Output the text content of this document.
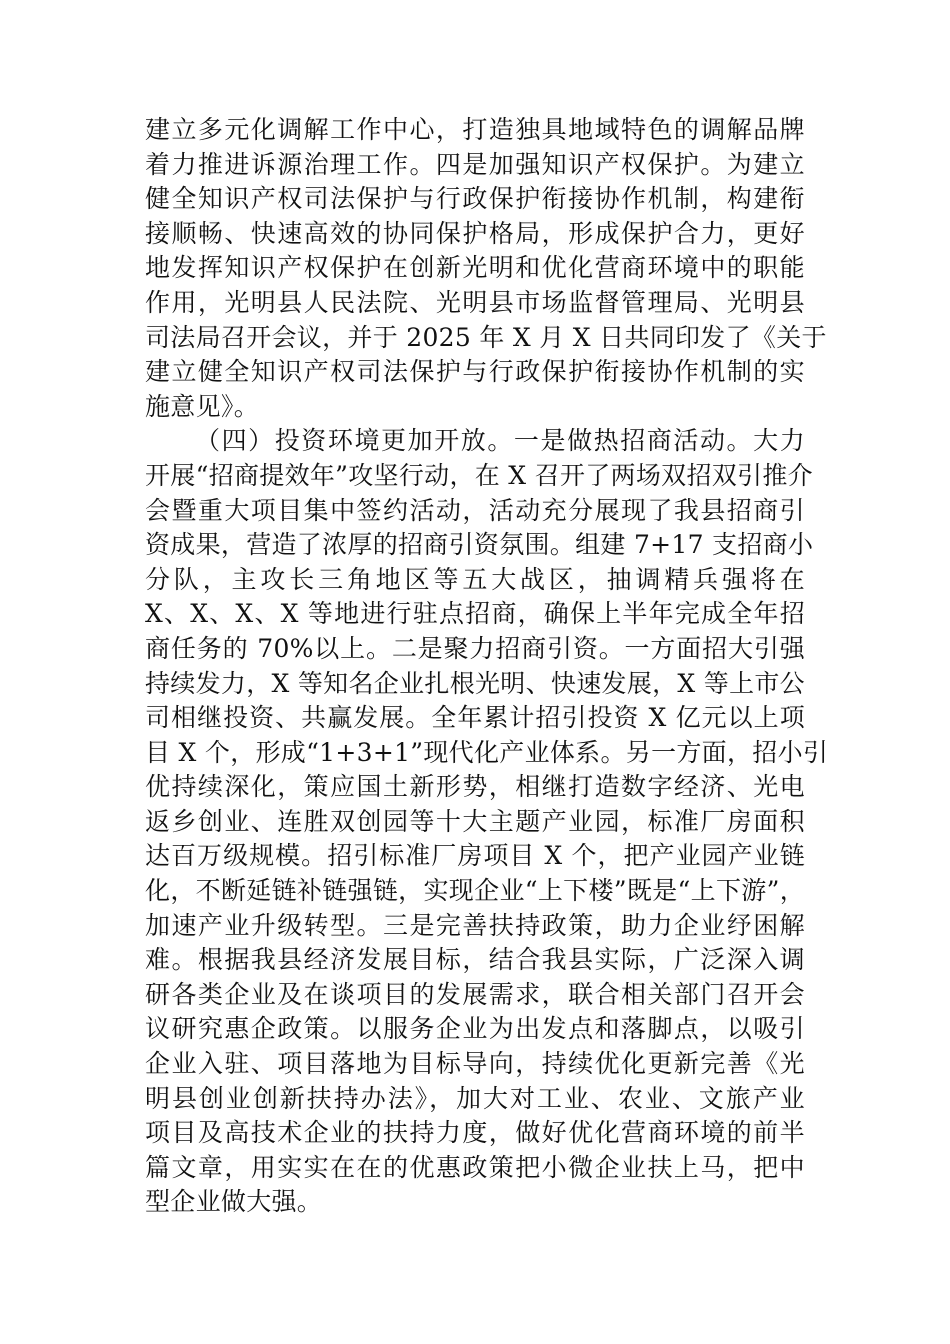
建立多元化调解工作中心，打造独具地域特色的调解品牌
着力推进诉源治理工作。四是加强知识产权保护。为建立
健全知识产权司法保护与行政保护衔接协作机制，构建衔
接顺畅、快速高效的协同保护格局，形成保护合力，更好
地发挥知识产权保护在创新光明和优化营商环境中的职能
作用，光明县人民法院、光明县市场监督管理局、光明县
司法局召开会议，并于 2025 年 X 月 X 日共同印发了《关于
建立健全知识产权司法保护与行政保护衔接协作机制的实
施意见》。
（四）投资环境更加开放。一是做热招商活动。大力
开展“招商提效年”攻坚行动，在 X 召开了两场双招双引推介
会暨重大项目集中签约活动，活动充分展现了我县招商引
资成果，营造了浓厚的招商引资氛围。组建 7+17 支招商小
分队，主攻长三角地区等五大战区，抽调精兵强将在
X、X、X、X 等地进行驻点招商，确保上半年完成全年招
商任务的 70%以上。二是聚力招商引资。一方面招大引强
持续发力，X 等知名企业扎根光明、快速发展，X 等上市公
司相继投资、共赢发展。全年累计招引投资 X 亿元以上项
目 X 个，形成“1+3+1”现代化产业体系。另一方面，招小引
优持续深化，策应国土新形势，相继打造数字经济、光电
返乡创业、连胜双创园等十大主题产业园，标准厂房面积
达百万级规模。招引标准厂房项目 X 个，把产业园产业链
化，不断延链补链强链，实现企业“上下楼”既是“上下游”，
加速产业升级转型。三是完善扶持政策，助力企业纾困解
难。根据我县经济发展目标，结合我县实际，广泛深入调
研各类企业及在谈项目的发展需求，联合相关部门召开会
议研究惠企政策。以服务企业为出发点和落脚点，以吸引
企业入驻、项目落地为目标导向，持续优化更新完善《光
明县创业创新扶持办法》，加大对工业、农业、文旅产业
项目及高技术企业的扶持力度，做好优化营商环境的前半
篇文章，用实实在在的优惠政策把小微企业扶上马，把中
型企业做大强。
